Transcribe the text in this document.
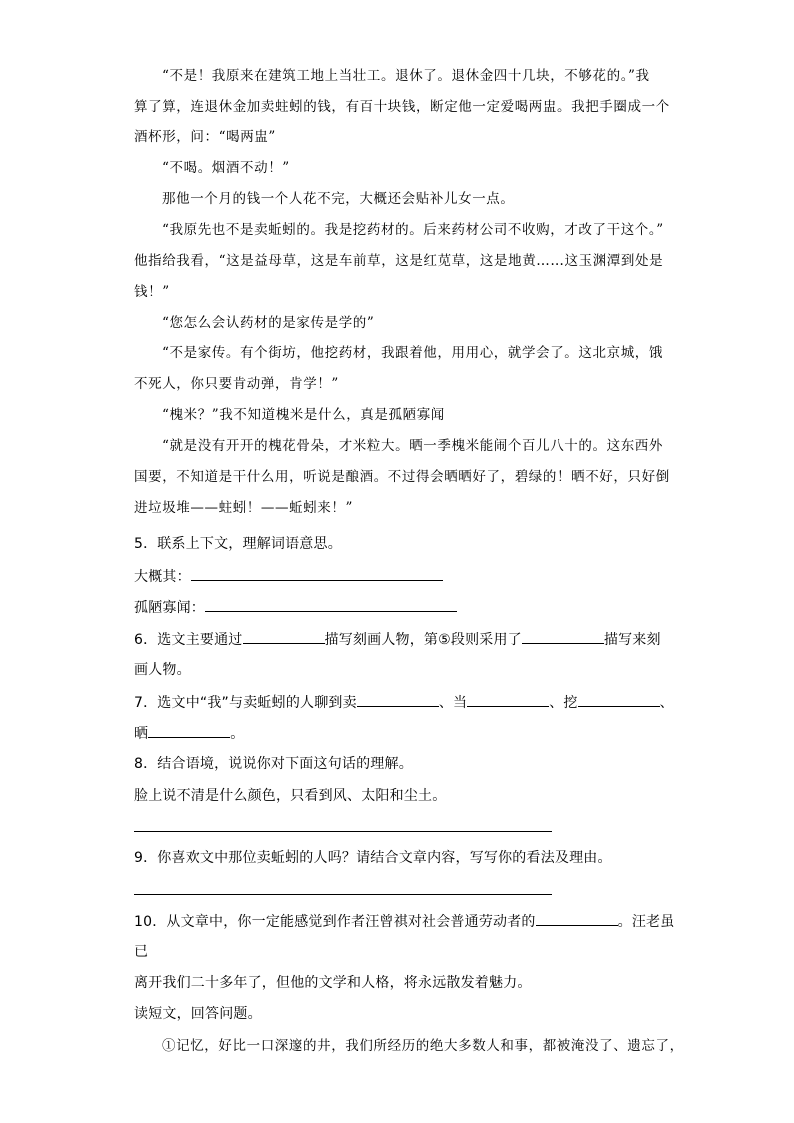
“不是！我原来在建筑工地上当壮工。退休了。退休金四十几块，不够花的。”我
算了算，连退休金加卖蛀蚓的钱，有百十块钱，断定他一定爱喝两盅。我把手圈成一个
酒杯形，问：“喝两盅”
“不喝。烟酒不动！”
那他一个月的钱一个人花不完，大概还会贴补儿女一点。
“我原先也不是卖蚯蚓的。我是挖药材的。后来药材公司不收购，才改了干这个。”
他指给我看，“这是益母草，这是车前草，这是红苋草，这是地黄……这玉渊潭到处是
钱！”
“您怎么会认药材的是家传是学的”
“不是家传。有个街坊，他挖药材，我跟着他，用用心，就学会了。这北京城，饿
不死人，你只要肯动弹，肯学！”
“槐米？”我不知道槐米是什么，真是孤陋寡闻
“就是没有开开的槐花骨朵，才米粒大。晒一季槐米能闹个百儿八十的。这东西外
国要，不知道是干什么用，听说是酿酒。不过得会晒晒好了，碧绿的！晒不好，只好倒
进垃圾堆——蛀蚓！——蚯蚓来！”
5．联系上下文，理解词语意思。
大概其：
孤陋寡闻：
6．选文主要通过	描写刻画人物，第⑤段则采用了	描写来刻
画人物。
7．选文中“我”与卖蚯蚓的人聊到卖	、当	、挖	、
晒	。
8．结合语境，说说你对下面这句话的理解。
脸上说不清是什么颜色，只看到风、太阳和尘土。
9．你喜欢文中那位卖蚯蚓的人吗？请结合文章内容，写写你的看法及理由。
10．从文章中，你一定能感觉到作者汪曾祺对社会普通劳动者的	。汪老虽
已
离开我们二十多年了，但他的文学和人格，将永远散发着魅力。
读短文，回答问题。
①记忆，好比一口深邃的井，我们所经历的绝大多数人和事，都被淹没了、遗忘了，
